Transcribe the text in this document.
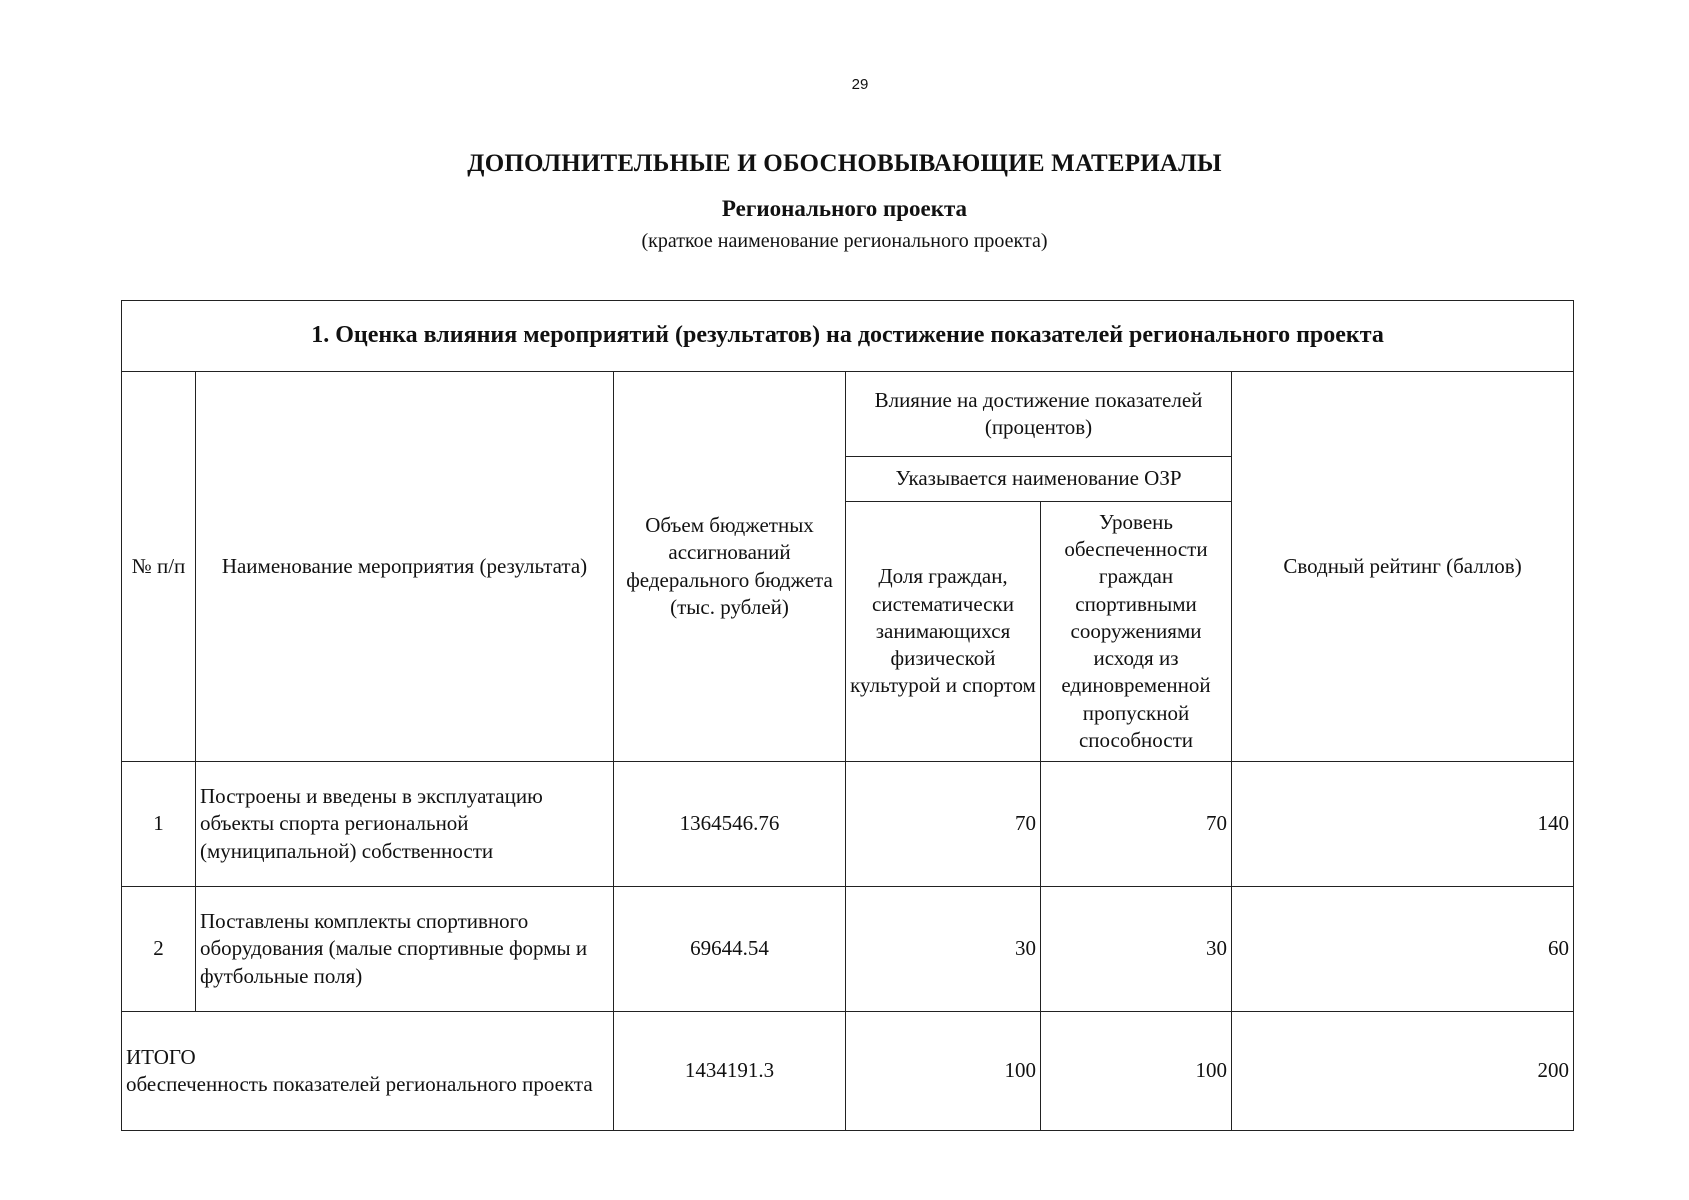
29
ДОПОЛНИТЕЛЬНЫЕ И ОБОСНОВЫВАЮЩИЕ МАТЕРИАЛЫ
Регионального проекта
(краткое наименование регионального проекта)
1. Оценка влияния мероприятий (результатов) на достижение показателей регионального проекта					
№ п/п	Наименование мероприятия (результата)	Объем бюджетных ассигнований федерального бюджета (тыс. рублей)	Влияние на достижение показателей (процентов)		Сводный рейтинг (баллов)
			Указывается наименование ОЗР		
			Доля граждан, систематически занимающихся физической культурой и спортом	Уровень обеспеченности граждан спортивными сооружениями исходя из единовременной пропускной способности	
1	Построены и введены в эксплуатацию объекты спорта региональной (муниципальной) собственности	1364546.76	70	70	140
2	Поставлены комплекты спортивного оборудования (малые спортивные формы и футбольные поля)	69644.54	30	30	60

ИТОГО
обеспеченность показателей регионального проекта		1434191.3	100	100	200
